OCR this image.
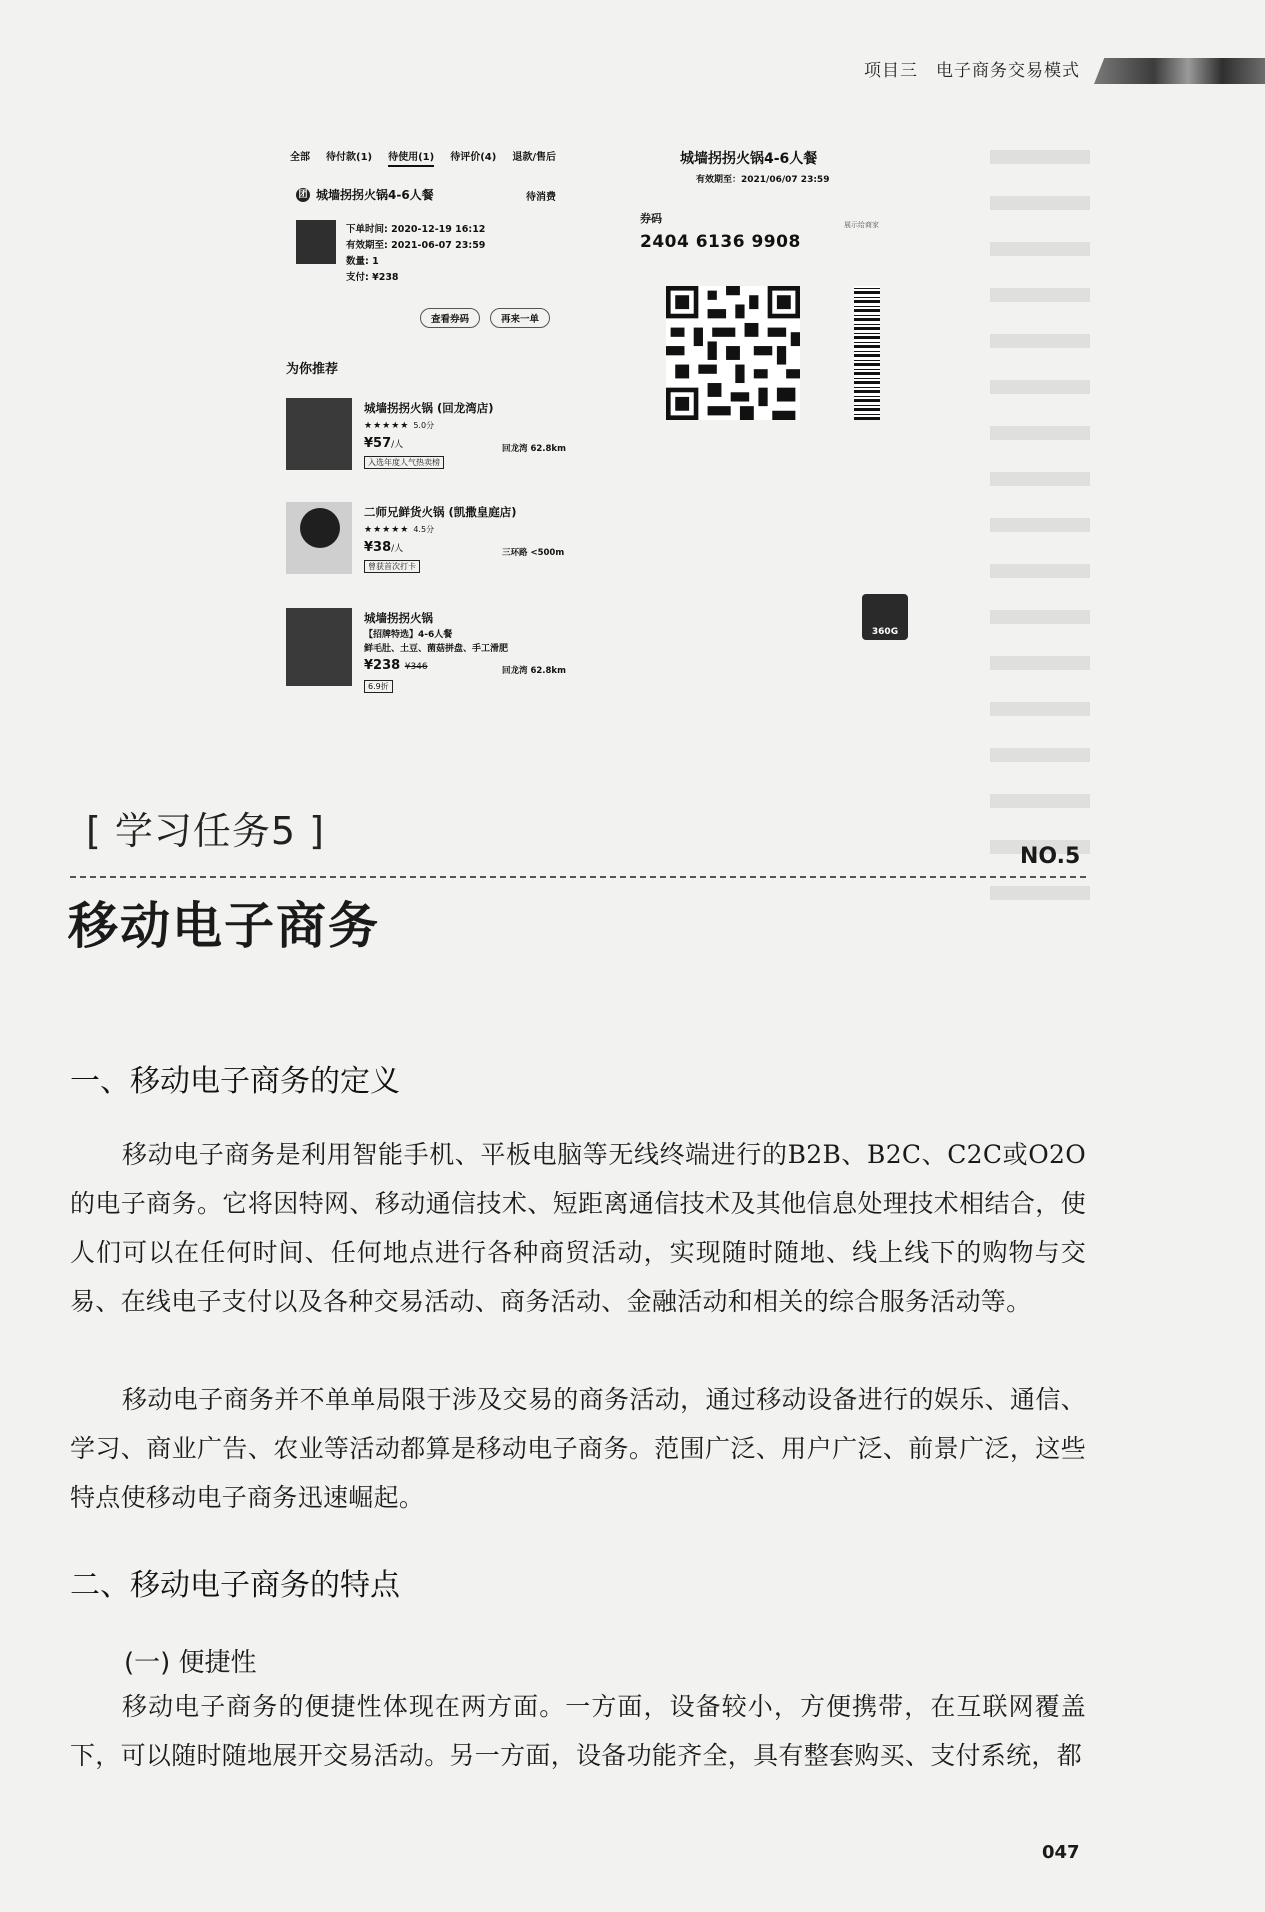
项目三 电子商务交易模式
全部 待付款(1) 待使用(1) 待评价(4) 退款/售后
团 城墙拐拐火锅4-6人餐	待消费
下单时间: 2020-12-19 16:12
有效期至: 2021-06-07 23:59
数量: 1
支付: ¥238
查看券码	再来一单
为你推荐
城墙拐拐火锅 (回龙湾店)
★★★★★ 5.0分
¥57/人	回龙湾 62.8km
入选年度人气热卖榜
二师兄鲜货火锅 (凯撒皇庭店)
★★★★★ 4.5分
¥38/人	三环路 <500m
曾获首次打卡
城墙拐拐火锅
【招牌特选】4-6人餐
鲜毛肚、土豆、菌菇拼盘、手工滑肥
¥238 ¥346	回龙湾 62.8km
6.9折
城墙拐拐火锅4-6人餐
有效期至：2021/06/07 23:59
券码
2404 6136 9908
展示给商家
360G
[ 学习任务5 ]
NO.5
移动电子商务
一、移动电子商务的定义
移动电子商务是利用智能手机、平板电脑等无线终端进行的B2B、B2C、C2C或O2O的电子商务。它将因特网、移动通信技术、短距离通信技术及其他信息处理技术相结合，使人们可以在任何时间、任何地点进行各种商贸活动，实现随时随地、线上线下的购物与交易、在线电子支付以及各种交易活动、商务活动、金融活动和相关的综合服务活动等。
移动电子商务并不单单局限于涉及交易的商务活动，通过移动设备进行的娱乐、通信、学习、商业广告、农业等活动都算是移动电子商务。范围广泛、用户广泛、前景广泛，这些特点使移动电子商务迅速崛起。
二、移动电子商务的特点
(一) 便捷性
移动电子商务的便捷性体现在两方面。一方面，设备较小，方便携带，在互联网覆盖下，可以随时随地展开交易活动。另一方面，设备功能齐全，具有整套购买、支付系统，都
047
